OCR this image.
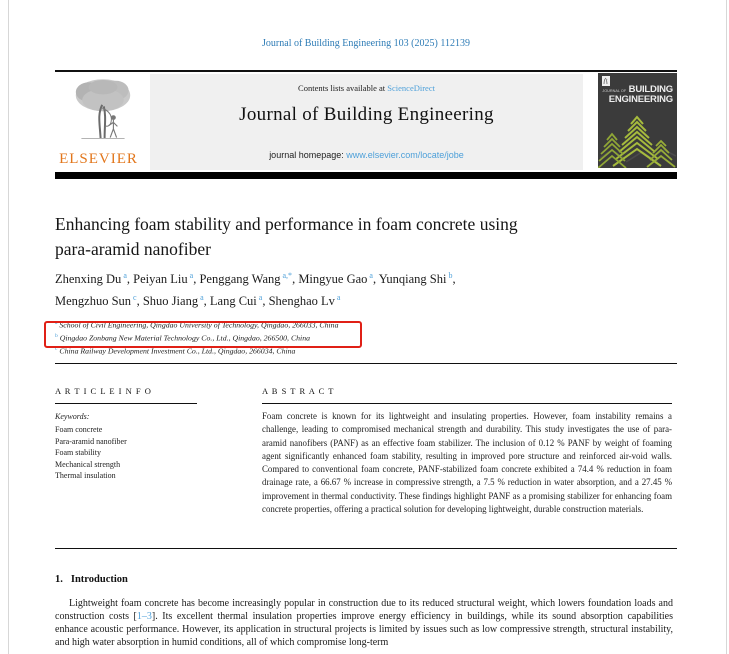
Journal of Building Engineering 103 (2025) 112139
ELSEVIER
Contents lists available at ScienceDirect
Journal of Building Engineering
journal homepage: www.elsevier.com/locate/jobe
JOURNAL OF BUILDING
ENGINEERING
Enhancing foam stability and performance in foam concrete using
para-aramid nanofiber
Zhenxing Du $^a$, Peiyan Liu $^a$, Penggang Wang $^{a,*}$, Mingyue Gao $^a$, Yunqiang Shi $^b$,
Mengzhuo Sun $^c$, Shuo Jiang $^a$, Lang Cui $^a$, Shenghao Lv $^a$
$^a$ School of Civil Engineering, Qingdao University of Technology, Qingdao, 266033, China
$^b$ Qingdao Zonbang New Material Technology Co., Ltd., Qingdao, 266500, China
$^c$ China Railway Development Investment Co., Ltd., Qingdao, 266034, China
A R T I C L E I N F O
Keywords:
Foam concrete
Para-aramid nanofiber
Foam stability
Mechanical strength
Thermal insulation
A B S T R A C T
Foam concrete is known for its lightweight and insulating properties. However, foam instability remains a challenge, leading to compromised mechanical strength and durability. This study investigates the use of para-aramid nanofibers (PANF) as an effective foam stabilizer. The inclusion of 0.12 % PANF by weight of foaming agent significantly enhanced foam stability, resulting in improved pore structure and reinforced air-void walls. Compared to conventional foam concrete, PANF-stabilized foam concrete exhibited a 74.4 % reduction in foam drainage rate, a 66.67 % increase in compressive strength, a 7.5 % reduction in water absorption, and a 27.45 % improvement in thermal conductivity. These findings highlight PANF as a promising stabilizer for enhancing foam concrete properties, offering a practical solution for developing lightweight, durable construction materials.
1. Introduction
Lightweight foam concrete has become increasingly popular in construction due to its reduced structural weight, which lowers foundation loads and construction costs [1–3]. Its excellent thermal insulation properties improve energy efficiency in buildings, while its sound absorption capabilities enhance acoustic performance. However, its application in structural projects is limited by issues such as low compressive strength, structural instability, and high water absorption in humid conditions, all of which compromise long-term
